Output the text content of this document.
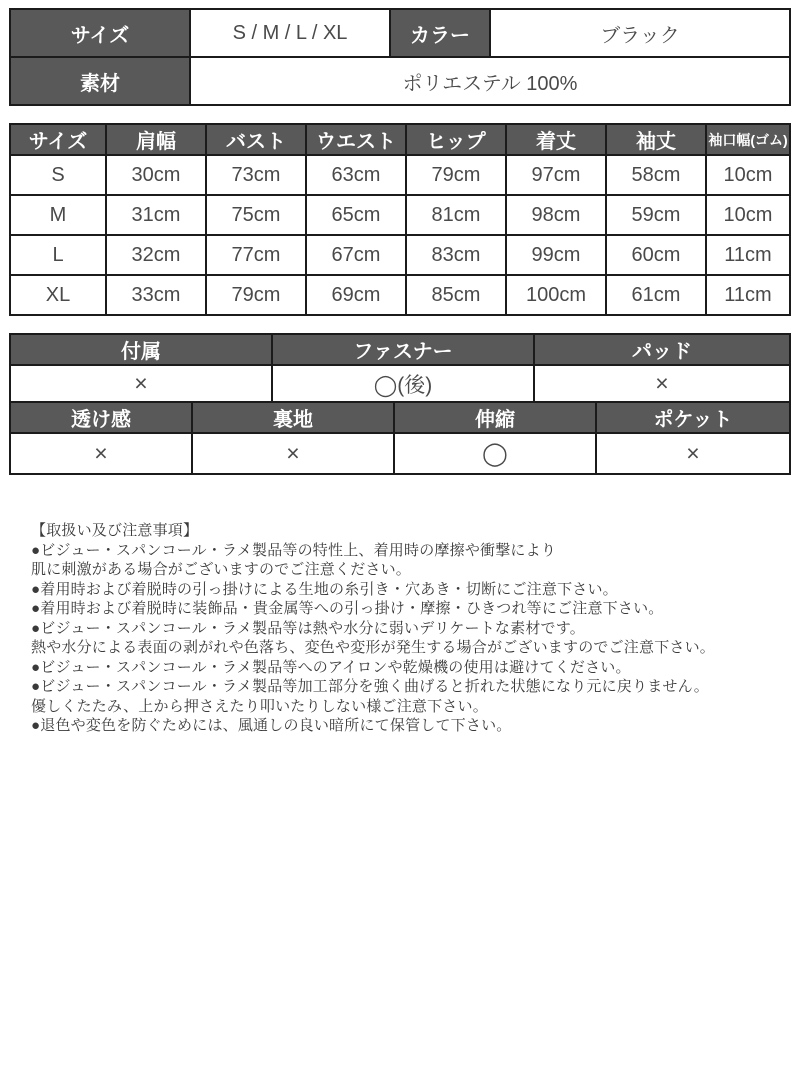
サイズ	S / M / L / XL	カラー	ブラック
素材	ポリエステル 100%		
サイズ	肩幅	バスト	ウエスト	ヒップ	着丈	袖丈	袖口幅(ゴム)
S	30cm	73cm	63cm	79cm	97cm	58cm	10cm
M	31cm	75cm	65cm	81cm	98cm	59cm	10cm
L	32cm	77cm	67cm	83cm	99cm	60cm	11cm
XL	33cm	79cm	69cm	85cm	100cm	61cm	11cm
付属	ファスナー	パッド
×	◯(後)	×
透け感	裏地	伸縮	ポケット
×	×	◯	×
【取扱い及び注意事項】
●ビジュー・スパンコール・ラメ製品等の特性上、着用時の摩擦や衝撃により
肌に刺激がある場合がございますのでご注意ください。
●着用時および着脱時の引っ掛けによる生地の糸引き・穴あき・切断にご注意下さい。
●着用時および着脱時に装飾品・貴金属等への引っ掛け・摩擦・ひきつれ等にご注意下さい。
●ビジュー・スパンコール・ラメ製品等は熱や水分に弱いデリケートな素材です。
熱や水分による表面の剥がれや色落ち、変色や変形が発生する場合がございますのでご注意下さい。
●ビジュー・スパンコール・ラメ製品等へのアイロンや乾燥機の使用は避けてください。
●ビジュー・スパンコール・ラメ製品等加工部分を強く曲げると折れた状態になり元に戻りません。
優しくたたみ、上から押さえたり叩いたりしない様ご注意下さい。
●退色や変色を防ぐためには、風通しの良い暗所にて保管して下さい。
